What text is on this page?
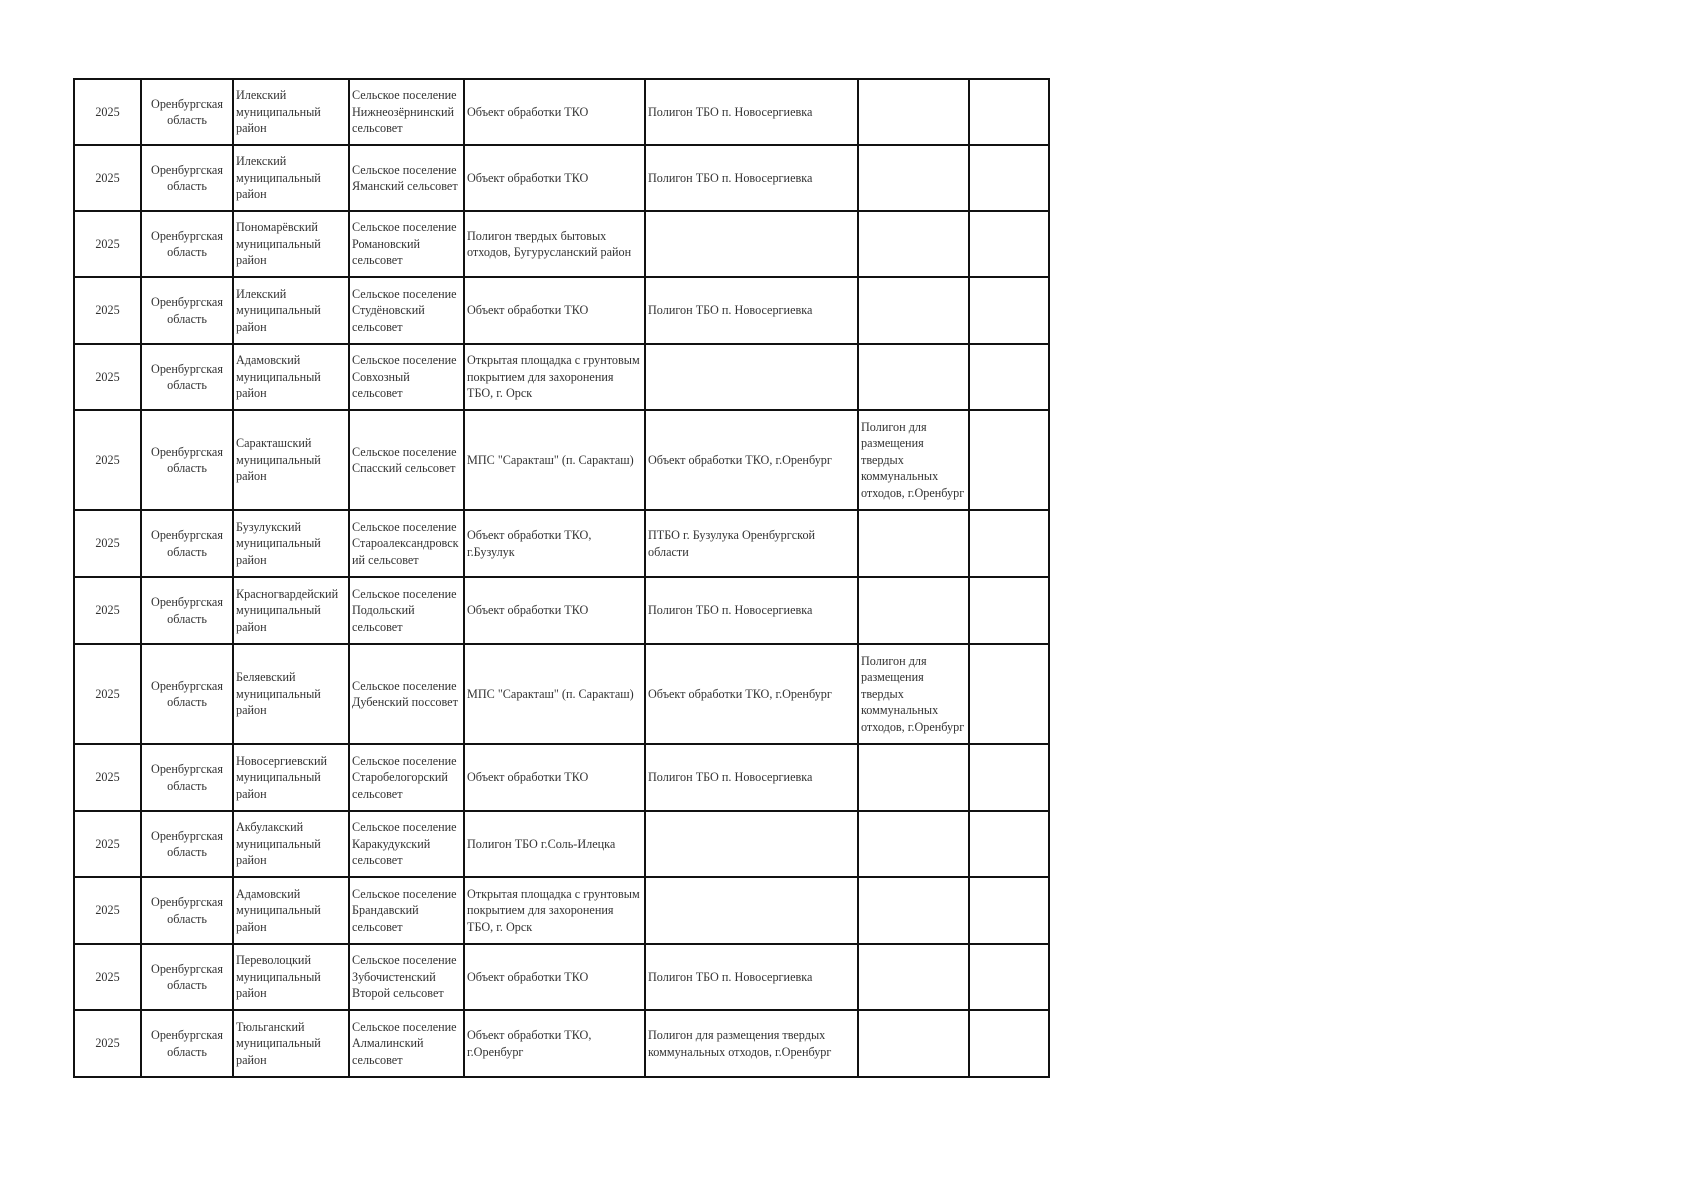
2025	Оренбургская область	Илекский муниципальный район	Сельское поселение Нижнеозёрнинский сельсовет	Объект обработки ТКО	Полигон ТБО п. Новосергиевка		
2025	Оренбургская область	Илекский муниципальный район	Сельское поселение Яманский сельсовет	Объект обработки ТКО	Полигон ТБО п. Новосергиевка		
2025	Оренбургская область	Пономарёвский муниципальный район	Сельское поселение Романовский сельсовет	Полигон твердых бытовых отходов, Бугурусланский район			
2025	Оренбургская область	Илекский муниципальный район	Сельское поселение Студёновский сельсовет	Объект обработки ТКО	Полигон ТБО п. Новосергиевка		
2025	Оренбургская область	Адамовский муниципальный район	Сельское поселение Совхозный сельсовет	Открытая площадка с грунтовым покрытием для захоронения ТБО, г. Орск			
2025	Оренбургская область	Саракташский муниципальный район	Сельское поселение Спасский сельсовет	МПС "Саракташ" (п. Саракташ)	Объект обработки ТКО, г.Оренбург	Полигон для размещения твердых коммунальных отходов, г.Оренбург	
2025	Оренбургская область	Бузулукский муниципальный район	Сельское поселение Староалександровский сельсовет	Объект обработки ТКО, г.Бузулук	ПТБО г. Бузулука Оренбургской области		
2025	Оренбургская область	Красногвардейский муниципальный район	Сельское поселение Подольский сельсовет	Объект обработки ТКО	Полигон ТБО п. Новосергиевка		
2025	Оренбургская область	Беляевский муниципальный район	Сельское поселение Дубенский поссовет	МПС "Саракташ" (п. Саракташ)	Объект обработки ТКО, г.Оренбург	Полигон для размещения твердых коммунальных отходов, г.Оренбург	
2025	Оренбургская область	Новосергиевский муниципальный район	Сельское поселение Старобелогорский сельсовет	Объект обработки ТКО	Полигон ТБО п. Новосергиевка		
2025	Оренбургская область	Акбулакский муниципальный район	Сельское поселение Каракудукский сельсовет	Полигон ТБО г.Соль-Илецка			
2025	Оренбургская область	Адамовский муниципальный район	Сельское поселение Брандавский сельсовет	Открытая площадка с грунтовым покрытием для захоронения ТБО, г. Орск			
2025	Оренбургская область	Переволоцкий муниципальный район	Сельское поселение Зубочистенский Второй сельсовет	Объект обработки ТКО	Полигон ТБО п. Новосергиевка		
2025	Оренбургская область	Тюльганский муниципальный район	Сельское поселение Алмалинский сельсовет	Объект обработки ТКО, г.Оренбург	Полигон для размещения твердых коммунальных отходов, г.Оренбург		
